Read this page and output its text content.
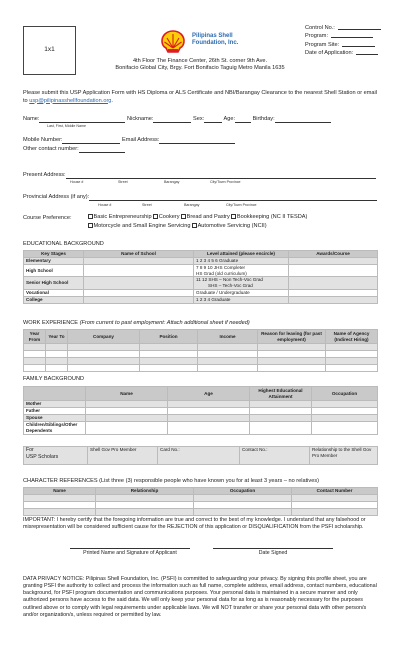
1x1
Pilipinas Shell
Foundation, Inc.
Control No.:
Program:
Program Site:
Date of Application:
4th Floor The Finance Center, 26th St. corner 9th Ave.
Bonifacio Global City, Brgy. Fort Bonifacio Taguig Metro Manila 1635
Please submit this USP Application Form with HS Diploma or ALS Certificate and NBI/Barangay Clearance to the nearest Shell Station or email to usp@pilipinasshellfoundation.org.
Name:	Nickname:	Sex:	Age:	Birthday:
Last, First, Middle Name
Mobile Number:	Email Address:
Other contact number:
Present Address:
House #	Street	Barangay	City/Town Province
Provincial Address (if any):
House #	Street	Barangay	City/Town Province
Course Preference:	Basic Entrepreneurship Cookery Bread and Pastry Bookkeeping (NC II TESDA)
Motorcycle and Small Engine Servicing Automotive Servicing (NCII)
EDUCATIONAL BACKGROUND
Key Stages	Name of School	Level attained (please encircle)	Awards/Course
Elementary		1 2 3 4 5 6 Graduate	
High School		7 8 9 10 JHS Completer
HS Grad (old curriculum)	

Senior High School		11 12 SHS – Non Tech-Voc Grad
SHS – Tech-Voc Grad	

Vocational		Graduate / Undergraduate	
College		1 2 3 4 Graduate	
WORK EXPERIENCE (From current to past employment: Attach additional sheet if needed)
Year From	Year To	Company	Position	Income	Reason for leaving (for past employment)	Name of Agency (Indirect Hiring)

FAMILY BACKGROUND
	Name	Age	Highest Educational Attainment	Occupation
Mother				
Father				
Spouse				
Children/Siblings/Other Dependents				
For
USP Scholars
	Shell Gov Pro Member	Card No.:	Contact No.:	Relationship to the Shell Gov Pro Member
CHARACTER REFERENCES (List three (3) responsible people who have known you for at least 3 years – no relatives)
Name	Relationship	Occupation	Contact Number

IMPORTANT: I hereby certify that the foregoing information are true and correct to the best of my knowledge. I understand that any falsehood or misrepresentation will be considered sufficient cause for the REJECTION of this application or DISQUALIFICATION from the PSFI scholarship.
Printed Name and Signature of Applicant	Date Signed
DATA PRIVACY NOTICE: Pilipinas Shell Foundation, Inc. (PSFI) is committed to safeguarding your privacy. By signing this profile sheet, you are granting PSFI the authority to collect and process the information such as full name, complete address, email address, contact numbers, educational background, for PSFI program documentation and communications purposes. Your personal data is maintained in a secure manner and only authorized persons have access to the said data. We will only keep your personal data for as long as is reasonably necessary for the purposes outlined above or to comply with legal requirements under applicable laws. We will NOT transfer or share your personal data with other person/s and/or organization/s, unless required or permitted by law.
